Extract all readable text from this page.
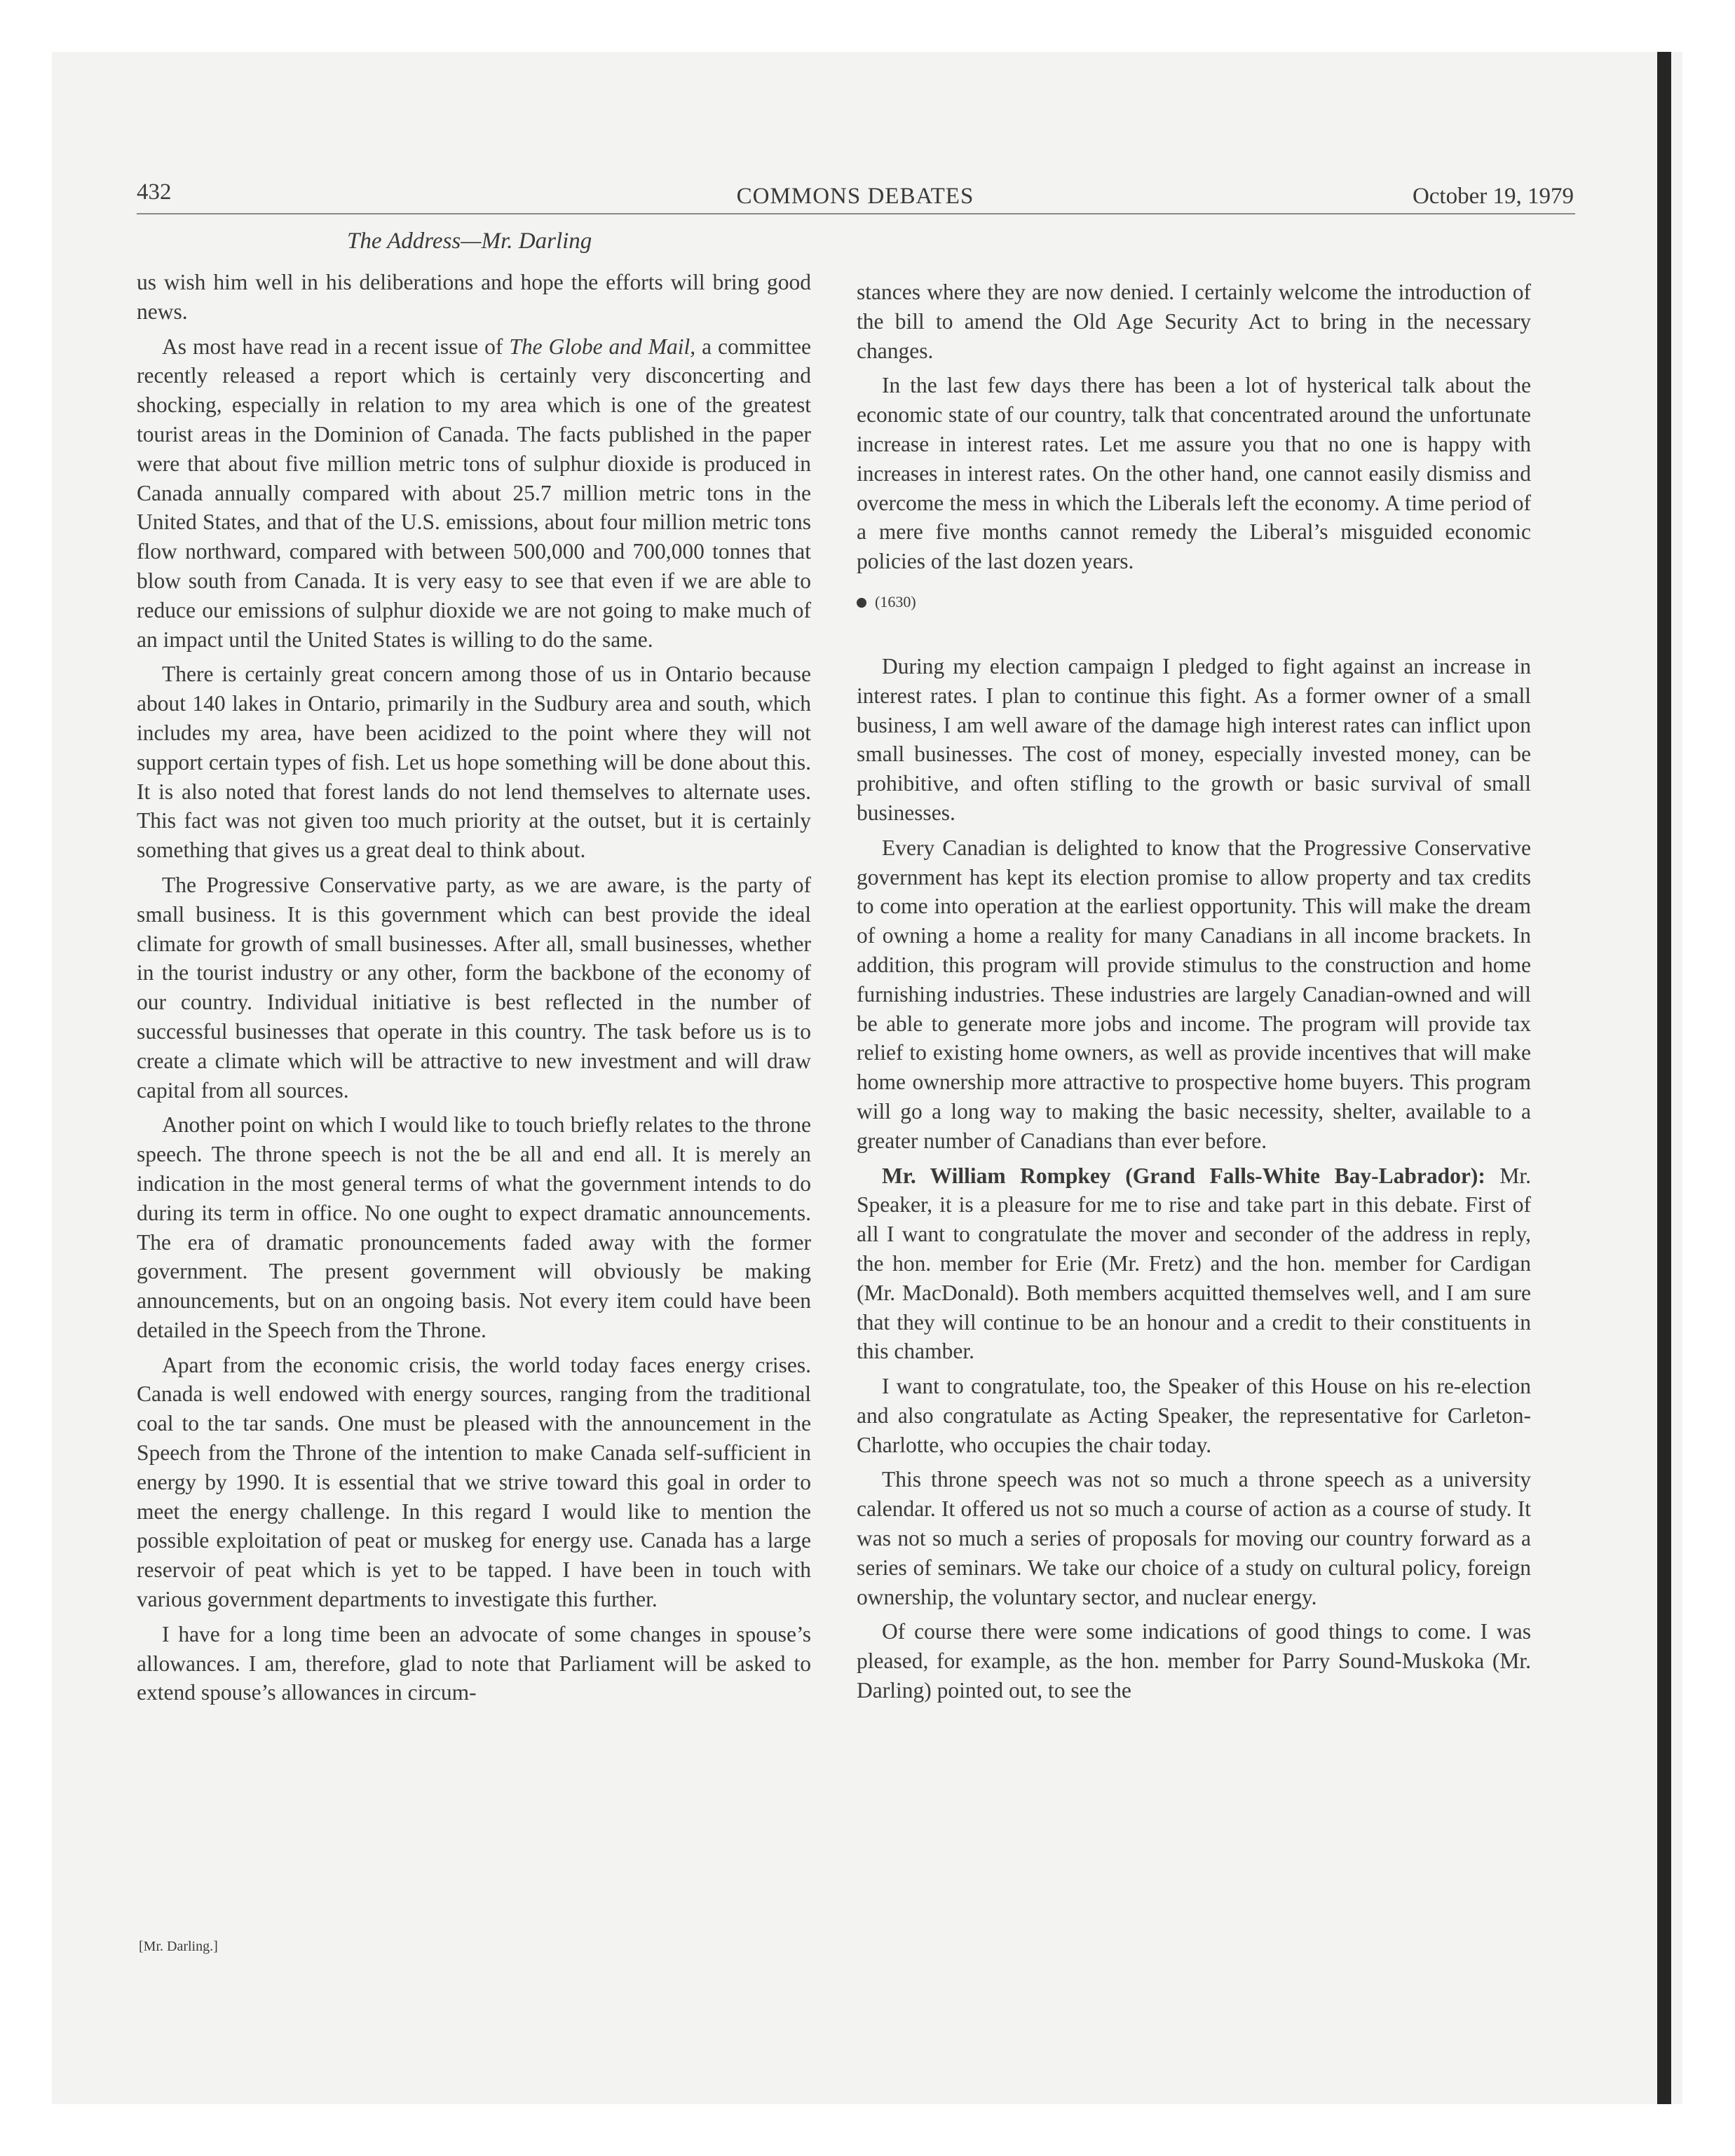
432	COMMONS DEBATES	October 19, 1979
The Address—Mr. Darling

us wish him well in his deliberations and hope the efforts will bring good news.

As most have read in a recent issue of The Globe and Mail, a committee recently released a report which is certainly very disconcerting and shocking, especially in relation to my area which is one of the greatest tourist areas in the Dominion of Canada. The facts published in the paper were that about five million metric tons of sulphur dioxide is produced in Canada annually compared with about 25.7 million metric tons in the United States, and that of the U.S. emissions, about four million metric tons flow northward, compared with between 500,000 and 700,000 tonnes that blow south from Canada. It is very easy to see that even if we are able to reduce our emissions of sulphur dioxide we are not going to make much of an impact until the United States is willing to do the same.

There is certainly great concern among those of us in Ontario because about 140 lakes in Ontario, primarily in the Sudbury area and south, which includes my area, have been acidized to the point where they will not support certain types of fish. Let us hope something will be done about this. It is also noted that forest lands do not lend themselves to alternate uses. This fact was not given too much priority at the outset, but it is certainly something that gives us a great deal to think about.

The Progressive Conservative party, as we are aware, is the party of small business. It is this government which can best provide the ideal climate for growth of small businesses. After all, small businesses, whether in the tourist industry or any other, form the backbone of the economy of our country. Individual initiative is best reflected in the number of successful businesses that operate in this country. The task before us is to create a climate which will be attractive to new investment and will draw capital from all sources.

Another point on which I would like to touch briefly relates to the throne speech. The throne speech is not the be all and end all. It is merely an indication in the most general terms of what the government intends to do during its term in office. No one ought to expect dramatic announcements. The era of dramatic pronouncements faded away with the former government. The present government will obviously be making announcements, but on an ongoing basis. Not every item could have been detailed in the Speech from the Throne.

Apart from the economic crisis, the world today faces energy crises. Canada is well endowed with energy sources, ranging from the traditional coal to the tar sands. One must be pleased with the announcement in the Speech from the Throne of the intention to make Canada self-sufficient in energy by 1990. It is essential that we strive toward this goal in order to meet the energy challenge. In this regard I would like to mention the possible exploitation of peat or muskeg for energy use. Canada has a large reservoir of peat which is yet to be tapped. I have been in touch with various government departments to investigate this further.

I have for a long time been an advocate of some changes in spouse’s allowances. I am, therefore, glad to note that Parliament will be asked to extend spouse’s allowances in circum-

stances where they are now denied. I certainly welcome the introduction of the bill to amend the Old Age Security Act to bring in the necessary changes.

In the last few days there has been a lot of hysterical talk about the economic state of our country, talk that concentrated around the unfortunate increase in interest rates. Let me assure you that no one is happy with increases in interest rates. On the other hand, one cannot easily dismiss and overcome the mess in which the Liberals left the economy. A time period of a mere five months cannot remedy the Liberal’s misguided economic policies of the last dozen years.

(1630)

During my election campaign I pledged to fight against an increase in interest rates. I plan to continue this fight. As a former owner of a small business, I am well aware of the damage high interest rates can inflict upon small businesses. The cost of money, especially invested money, can be prohibitive, and often stifling to the growth or basic survival of small businesses.

Every Canadian is delighted to know that the Progressive Conservative government has kept its election promise to allow property and tax credits to come into operation at the earliest opportunity. This will make the dream of owning a home a reality for many Canadians in all income brackets. In addition, this program will provide stimulus to the construction and home furnishing industries. These industries are largely Canadian-owned and will be able to generate more jobs and income. The program will provide tax relief to existing home owners, as well as provide incentives that will make home ownership more attractive to prospective home buyers. This program will go a long way to making the basic necessity, shelter, available to a greater number of Canadians than ever before.

Mr. William Rompkey (Grand Falls-White Bay-Labrador): Mr. Speaker, it is a pleasure for me to rise and take part in this debate. First of all I want to congratulate the mover and seconder of the address in reply, the hon. member for Erie (Mr. Fretz) and the hon. member for Cardigan (Mr. MacDonald). Both members acquitted themselves well, and I am sure that they will continue to be an honour and a credit to their constituents in this chamber.

I want to congratulate, too, the Speaker of this House on his re-election and also congratulate as Acting Speaker, the representative for Carleton-Charlotte, who occupies the chair today.

This throne speech was not so much a throne speech as a university calendar. It offered us not so much a course of action as a course of study. It was not so much a series of proposals for moving our country forward as a series of seminars. We take our choice of a study on cultural policy, foreign ownership, the voluntary sector, and nuclear energy.

Of course there were some indications of good things to come. I was pleased, for example, as the hon. member for Parry Sound-Muskoka (Mr. Darling) pointed out, to see the

[Mr. Darling.]
